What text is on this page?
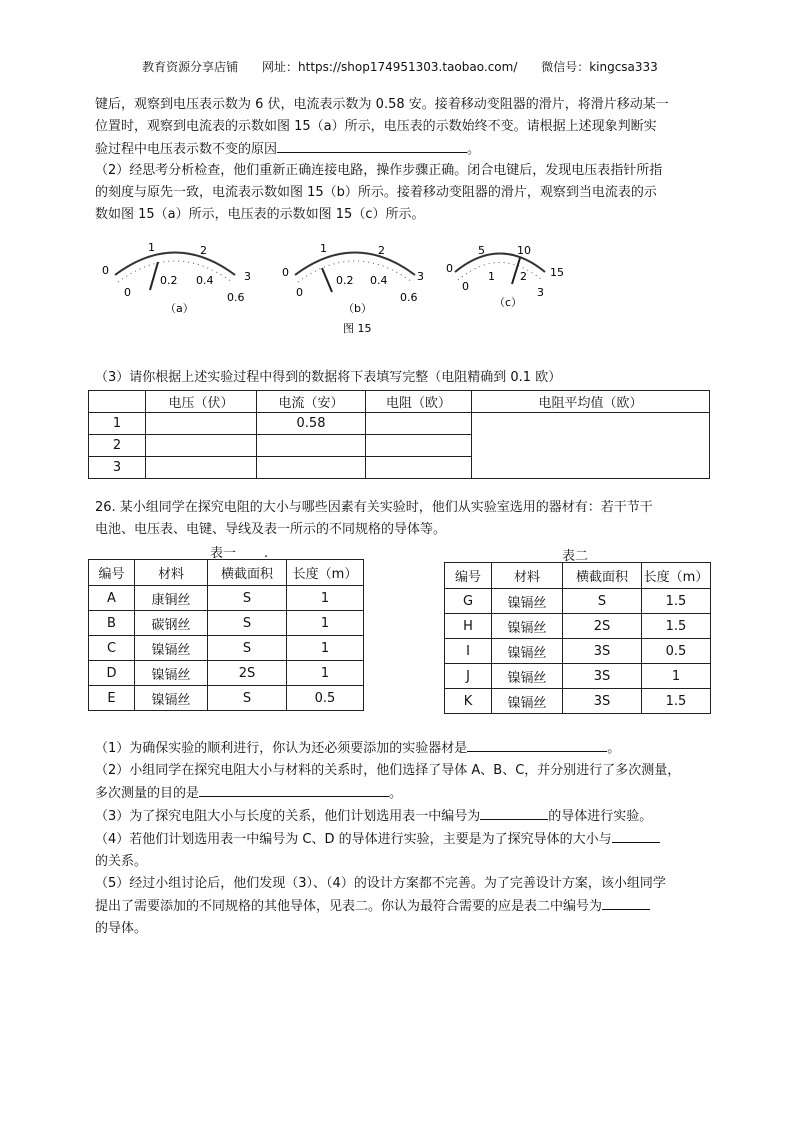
教育资源分享店铺 网址：https://shop174951303.taobao.com/ 微信号：kingcsa333
键后，观察到电压表示数为 6 伏，电流表示数为 0.58 安。接着移动变阻器的滑片，将滑片移动某一
位置时，观察到电流表的示数如图 15（a）所示，电压表的示数始终不变。请根据上述现象判断实
验过程中电压表示数不变的原因	。
（2）经思考分析检查，他们重新正确连接电路，操作步骤正确。闭合电键后，发现电压表指针所指
的刻度与原先一致，电流表示数如图 15（b）所示。接着移动变阻器的滑片，观察到当电流表的示
数如图 15（a）所示，电压表的示数如图 15（c）所示。
0
1	2
3
0
0.2 0.4
0.6
（a）
0
1	2
3
0
0.2 0.4
0.6
（b）
0
5	10
15
0
1 2
3
（c）
图 15
（3）请你根据上述实验过程中得到的数据将下表填写完整（电阻精确到 0.1 欧）
	电压（伏）	电流（安）	电阻（欧）	电阻平均值（欧）
1		0.58		
2				
3				
26. 某小组同学在探究电阻的大小与哪些因素有关实验时，他们从实验室选用的器材有：若干节干
电池、电压表、电键、导线及表一所示的不同规格的导体等。
表一 .	表二
编号	材料	横截面积	长度（m）
A	康铜丝	S	1
B	碳钢丝	S	1
C	镍镉丝	S	1
D	镍镉丝	2S	1
E	镍镉丝	S	0.5
编号	材料	横截面积	长度（m）
G	镍镉丝	S	1.5
H	镍镉丝	2S	1.5
I	镍镉丝	3S	0.5
J	镍镉丝	3S	1
K	镍镉丝	3S	1.5
（1）为确保实验的顺利进行，你认为还必须要添加的实验器材是	。
（2）小组同学在探究电阻大小与材料的关系时，他们选择了导体 A、B、C，并分别进行了多次测量，
多次测量的目的是	。
（3）为了探究电阻大小与长度的关系，他们计划选用表一中编号为	的导体进行实验。
（4）若他们计划选用表一中编号为 C、D 的导体进行实验，主要是为了探究导体的大小与
的关系。
（5）经过小组讨论后，他们发现（3）、（4）的设计方案都不完善。为了完善设计方案，该小组同学
提出了需要添加的不同规格的其他导体，见表二。你认为最符合需要的应是表二中编号为
的导体。
